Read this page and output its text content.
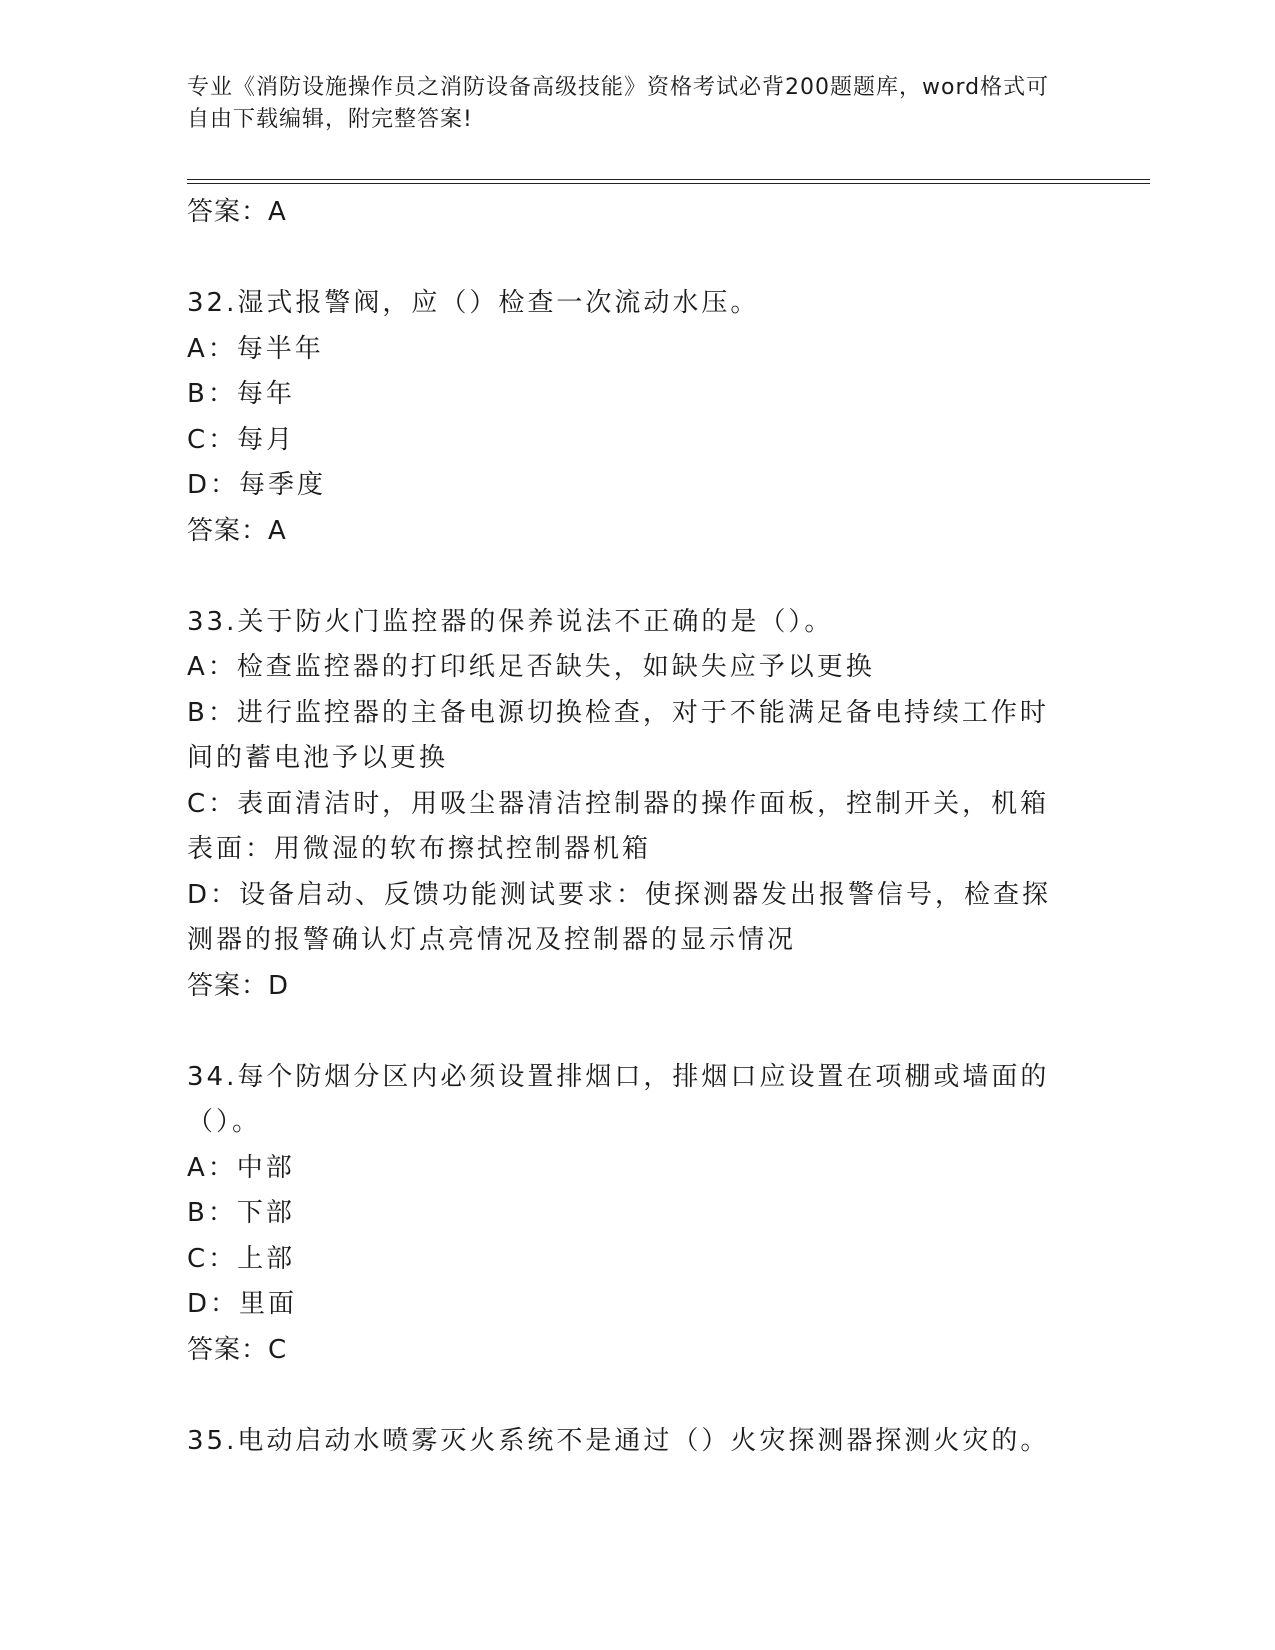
专业《消防设施操作员之消防设备高级技能》资格考试必背200题题库，word格式可自由下载编辑，附完整答案!
答案：A
32.湿式报警阀，应（）检查一次流动水压。
A：每半年
B：每年
C：每月
D：每季度
答案：A
33.关于防火门监控器的保养说法不正确的是（）。
A：检查监控器的打印纸足否缺失，如缺失应予以更换
B：进行监控器的主备电源切换检查，对于不能满足备电持续工作时间的蓄电池予以更换
C：表面清洁时，用吸尘器清洁控制器的操作面板，控制开关，机箱表面：用微湿的软布擦拭控制器机箱
D：设备启动、反馈功能测试要求：使探测器发出报警信号，检查探测器的报警确认灯点亮情况及控制器的显示情况
答案：D
34.每个防烟分区内必须设置排烟口，排烟口应设置在项棚或墙面的（）。
A：中部
B：下部
C：上部
D：里面
答案：C
35.电动启动水喷雾灭火系统不是通过（）火灾探测器探测火灾的。
